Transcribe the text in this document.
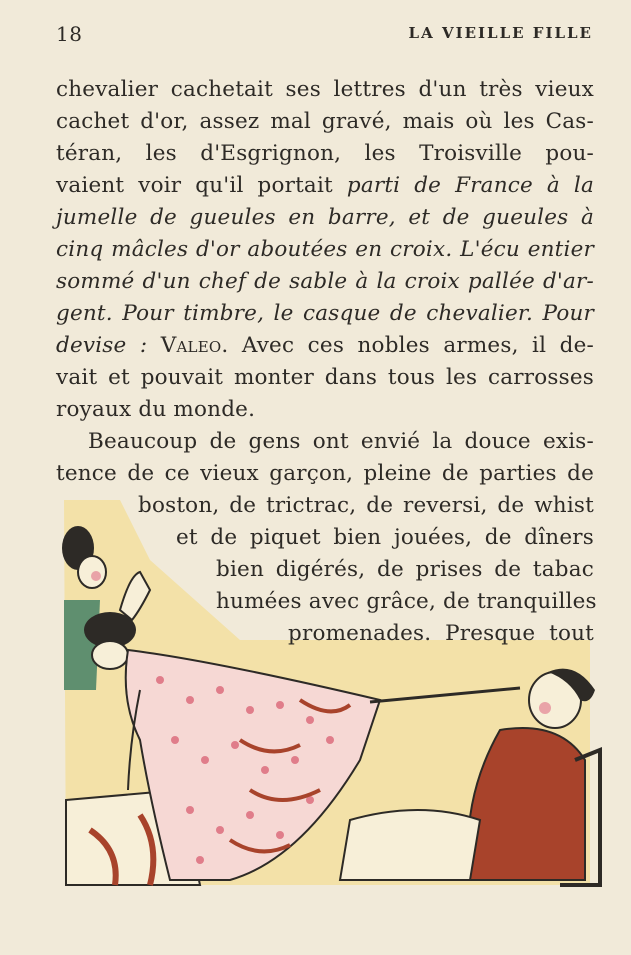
18	LA VIEILLE FILLE
chevalier cachetait ses lettres d'un très vieux
cachet d'or, assez mal gravé, mais où les Cas-
téran, les d'Esgrignon, les Troisville pou-
vaient voir qu'il portait parti de France à la
jumelle de gueules en barre, et de gueules à
cinq mâcles d'or aboutées en croix. L'écu entier
sommé d'un chef de sable à la croix pallée d'ar-
gent. Pour timbre, le casque de chevalier. Pour
devise : Valeo. Avec ces nobles armes, il de-
vait et pouvait monter dans tous les carrosses
royaux du monde.
Beaucoup de gens ont envié la douce exis-
tence de ce vieux garçon, pleine de parties de
boston, de trictrac, de reversi, de whist
et de piquet bien jouées, de dîners
bien digérés, de prises de tabac
humées avec grâce, de tranquilles
promenades. Presque tout
